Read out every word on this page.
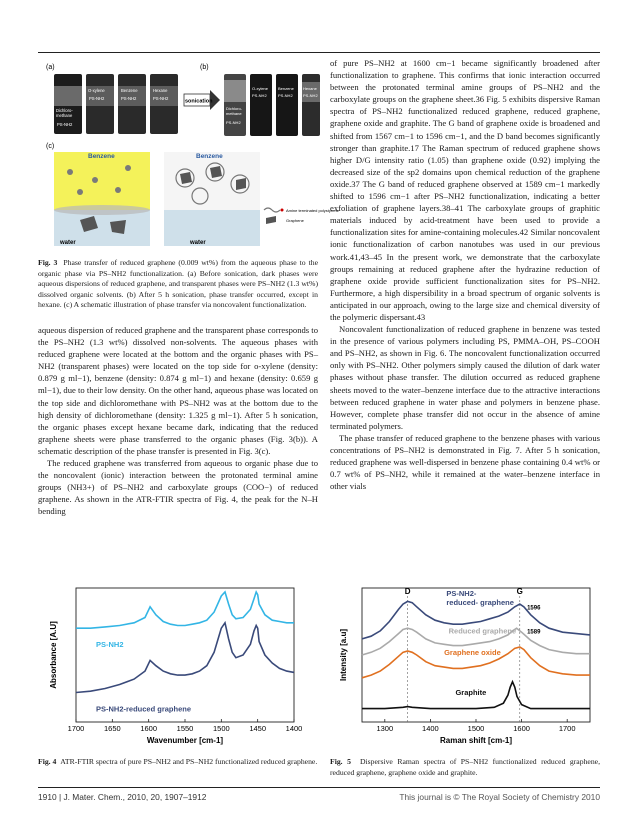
(a)
Dichloro-
methane
O-xylene	Benzene	Hexane
PS-NH2	PS-NH2	PS-NH2
PS-NH2
sonication
(b)
O-xylene Benzene Hexane
PS-NH2	PS-NH2	PS-NH2
Dichloro-
methane
PS-NH2
(c)
Benzene
water
Benzene
water
Amine terminated polystyrene
Graphene
Fig. 3 Phase transfer of reduced graphene (0.009 wt%) from the aqueous phase to the organic phase via PS–NH2 functionalization. (a) Before sonication, dark phases were aqueous dispersions of reduced graphene, and transparent phases were PS–NH2 (1.3 wt%) dissolved organic solvents. (b) After 5 h sonication, phase transfer occurred, except in hexane. (c) A schematic illustration of phase transfer via noncovalent functionalization.

aqueous dispersion of reduced graphene and the transparent phase corresponds to the PS–NH2 (1.3 wt%) dissolved non-solvents. The aqueous phases with reduced graphene were located at the bottom and the organic phases with PS–NH2 (transparent phases) were located on the top side for o-xylene (density: 0.879 g ml−1), benzene (density: 0.874 g ml−1) and hexane (density: 0.659 g ml−1), due to their low density. On the other hand, aqueous phase was located on the top side and dichloromethane with PS–NH2 was at the bottom due to the high density of dichloromethane (density: 1.325 g ml−1). After 5 h sonication, the organic phases except hexane became dark, indicating that the reduced graphene sheets were phase transferred to the organic phases (Fig. 3(b)). A schematic description of the phase transfer is presented in Fig. 3(c).

The reduced graphene was transferred from aqueous to organic phase due to the noncovalent (ionic) interaction between the protonated terminal amine groups (NH3+) of PS–NH2 and carboxylate groups (COO−) of reduced graphene. As shown in the ATR-FTIR spectra of Fig. 4, the peak for the N–H bending

of pure PS–NH2 at 1600 cm−1 became significantly broadened after functionalization to graphene. This confirms that ionic interaction occurred between the protonated terminal amine groups of PS–NH2 and the carboxylate groups on the graphene sheet.36 Fig. 5 exhibits dispersive Raman spectra of PS–NH2 functionalized reduced graphene, reduced graphene, graphene oxide and graphite. The G band of graphene oxide is broadened and shifted from 1567 cm−1 to 1596 cm−1, and the D band becomes significantly stronger than graphite.17 The Raman spectrum of reduced graphene shows higher D/G intensity ratio (1.05) than graphene oxide (0.92) implying the decreased size of the sp2 domains upon chemical reduction of the graphene oxide.37 The G band of reduced graphene observed at 1589 cm−1 markedly shifted to 1596 cm−1 after PS–NH2 functionalization, indicating a better exfoliation of graphene layers.38–41 The carboxylate groups of graphitic materials induced by acid-treatment have been used to provide a functionalization sites for amine-containing molecules.42 Similar noncovalent ionic functionalization of carbon nanotubes was used in our previous work.41,43–45 In the present work, we demonstrate that the carboxylate groups remaining at reduced graphene after the hydrazine reduction of graphene oxide provide sufficient functionalization sites for PS–NH2. Furthermore, a high dispersibility in a broad spectrum of organic solvents is anticipated in our approach, owing to the large size and chemical diversity of the polymeric dispersant.43

Noncovalent functionalization of reduced graphene in benzene was tested in the presence of various polymers including PS, PMMA–OH, PS–COOH and PS–NH2, as shown in Fig. 6. The noncovalent functionalization occurred only with PS–NH2. Other polymers simply caused the dilution of dark water phases without phase transfer. The dilution occurred as reduced graphene sheets moved to the water–benzene interface due to the attractive interactions between reduced graphene in water phase and polymers in benzene phase. However, complete phase transfer did not occur in the absence of amine terminated polymers.

The phase transfer of reduced graphene to the benzene phases with various concentrations of PS–NH2 is demonstrated in Fig. 7. After 5 h sonication, reduced graphene was well-dispersed in benzene phase containing 0.4 wt% or 0.7 wt% of PS–NH2, while it remained at the water–benzene interface in other vials

1700	1650	1600	1550	1500	1450	1400
Wavenumber [cm-1]
Absorbance [A.U]	PS-NH2
PS-NH2-reduced graphene
Fig. 4 ATR-FTIR spectra of pure PS–NH2 and PS–NH2 functionalized reduced graphene.
D	G
1300	1400	1500	1600	1700
Raman shift [cm-1]
Intensity [a.u]
PS-NH2-
reduced- graphene
1596
Reduced graphene 1589
Graphene oxide
Graphite
Fig. 5 Dispersive Raman spectra of PS–NH2 functionalized reduced graphene, reduced graphene, graphene oxide and graphite.
1910 | J. Mater. Chem., 2010, 20, 1907–1912	This journal is © The Royal Society of Chemistry 2010
